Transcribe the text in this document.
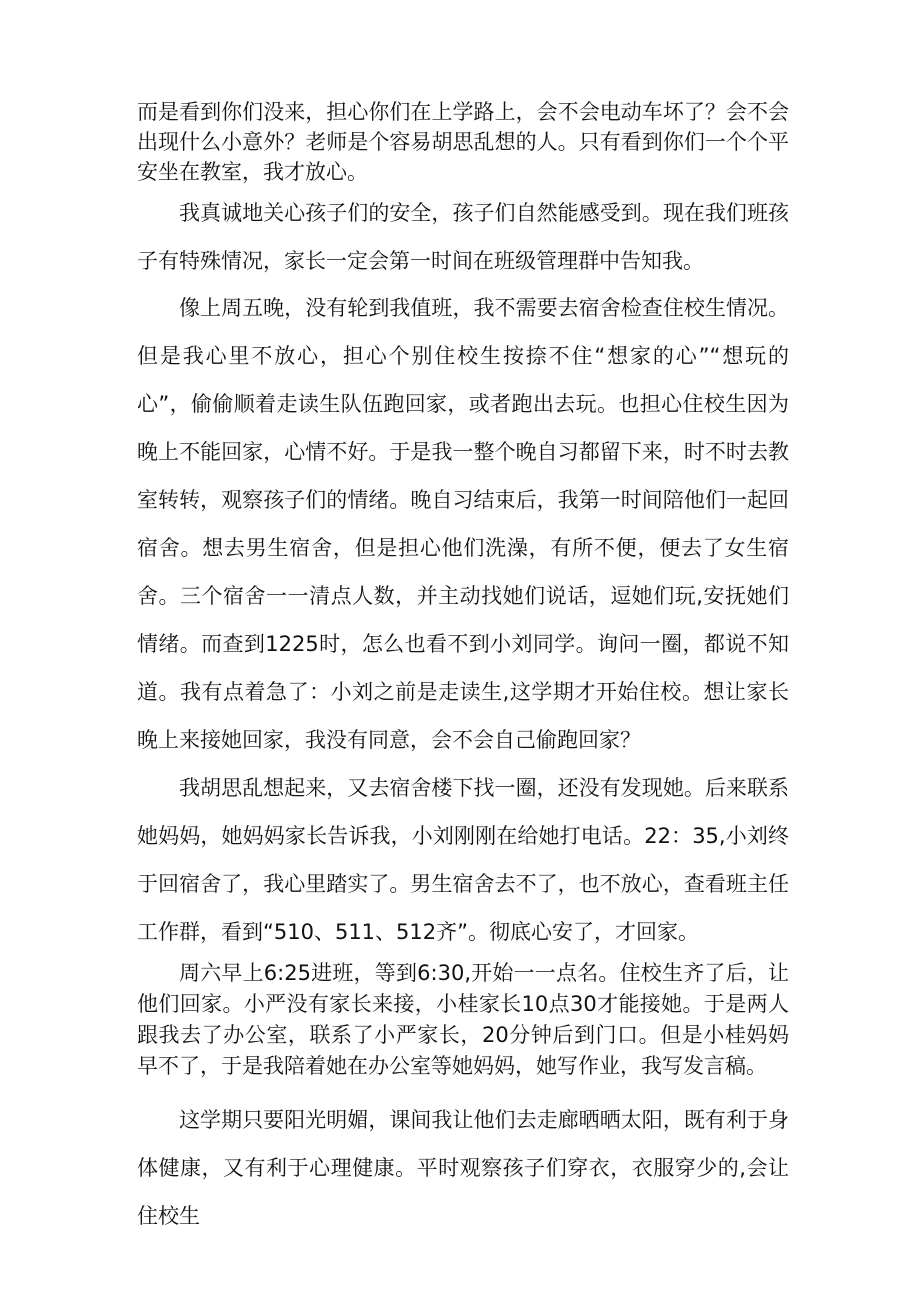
而是看到你们没来，担心你们在上学路上，会不会电动车坏了？会不会出现什么小意外？老师是个容易胡思乱想的人。只有看到你们一个个平安坐在教室，我才放心。

我真诚地关心孩子们的安全，孩子们自然能感受到。现在我们班孩子有特殊情况，家长一定会第一时间在班级管理群中告知我。

像上周五晚，没有轮到我值班，我不需要去宿舍检查住校生情况。但是我心里不放心，担心个别住校生按捺不住“想家的心”“想玩的心”，偷偷顺着走读生队伍跑回家，或者跑出去玩。也担心住校生因为晚上不能回家，心情不好。于是我一整个晚自习都留下来，时不时去教室转转，观察孩子们的情绪。晚自习结束后，我第一时间陪他们一起回宿舍。想去男生宿舍，但是担心他们洗澡，有所不便，便去了女生宿舍。三个宿舍一一清点人数，并主动找她们说话，逗她们玩,安抚她们情绪。而查到1225时，怎么也看不到小刘同学。询问一圈，都说不知道。我有点着急了：小刘之前是走读生,这学期才开始住校。想让家长晚上来接她回家，我没有同意，会不会自己偷跑回家？

我胡思乱想起来，又去宿舍楼下找一圈，还没有发现她。后来联系她妈妈，她妈妈家长告诉我，小刘刚刚在给她打电话。22：35,小刘终于回宿舍了，我心里踏实了。男生宿舍去不了，也不放心，查看班主任工作群，看到“510、511、512齐”。彻底心安了，才回家。

周六早上6:25进班，等到6:30,开始一一点名。住校生齐了后，让他们回家。小严没有家长来接，小桂家长10点30才能接她。于是两人跟我去了办公室，联系了小严家长，20分钟后到门口。但是小桂妈妈早不了，于是我陪着她在办公室等她妈妈，她写作业，我写发言稿。

这学期只要阳光明媚，课间我让他们去走廊晒晒太阳，既有利于身体健康，又有利于心理健康。平时观察孩子们穿衣，衣服穿少的,会让住校生
